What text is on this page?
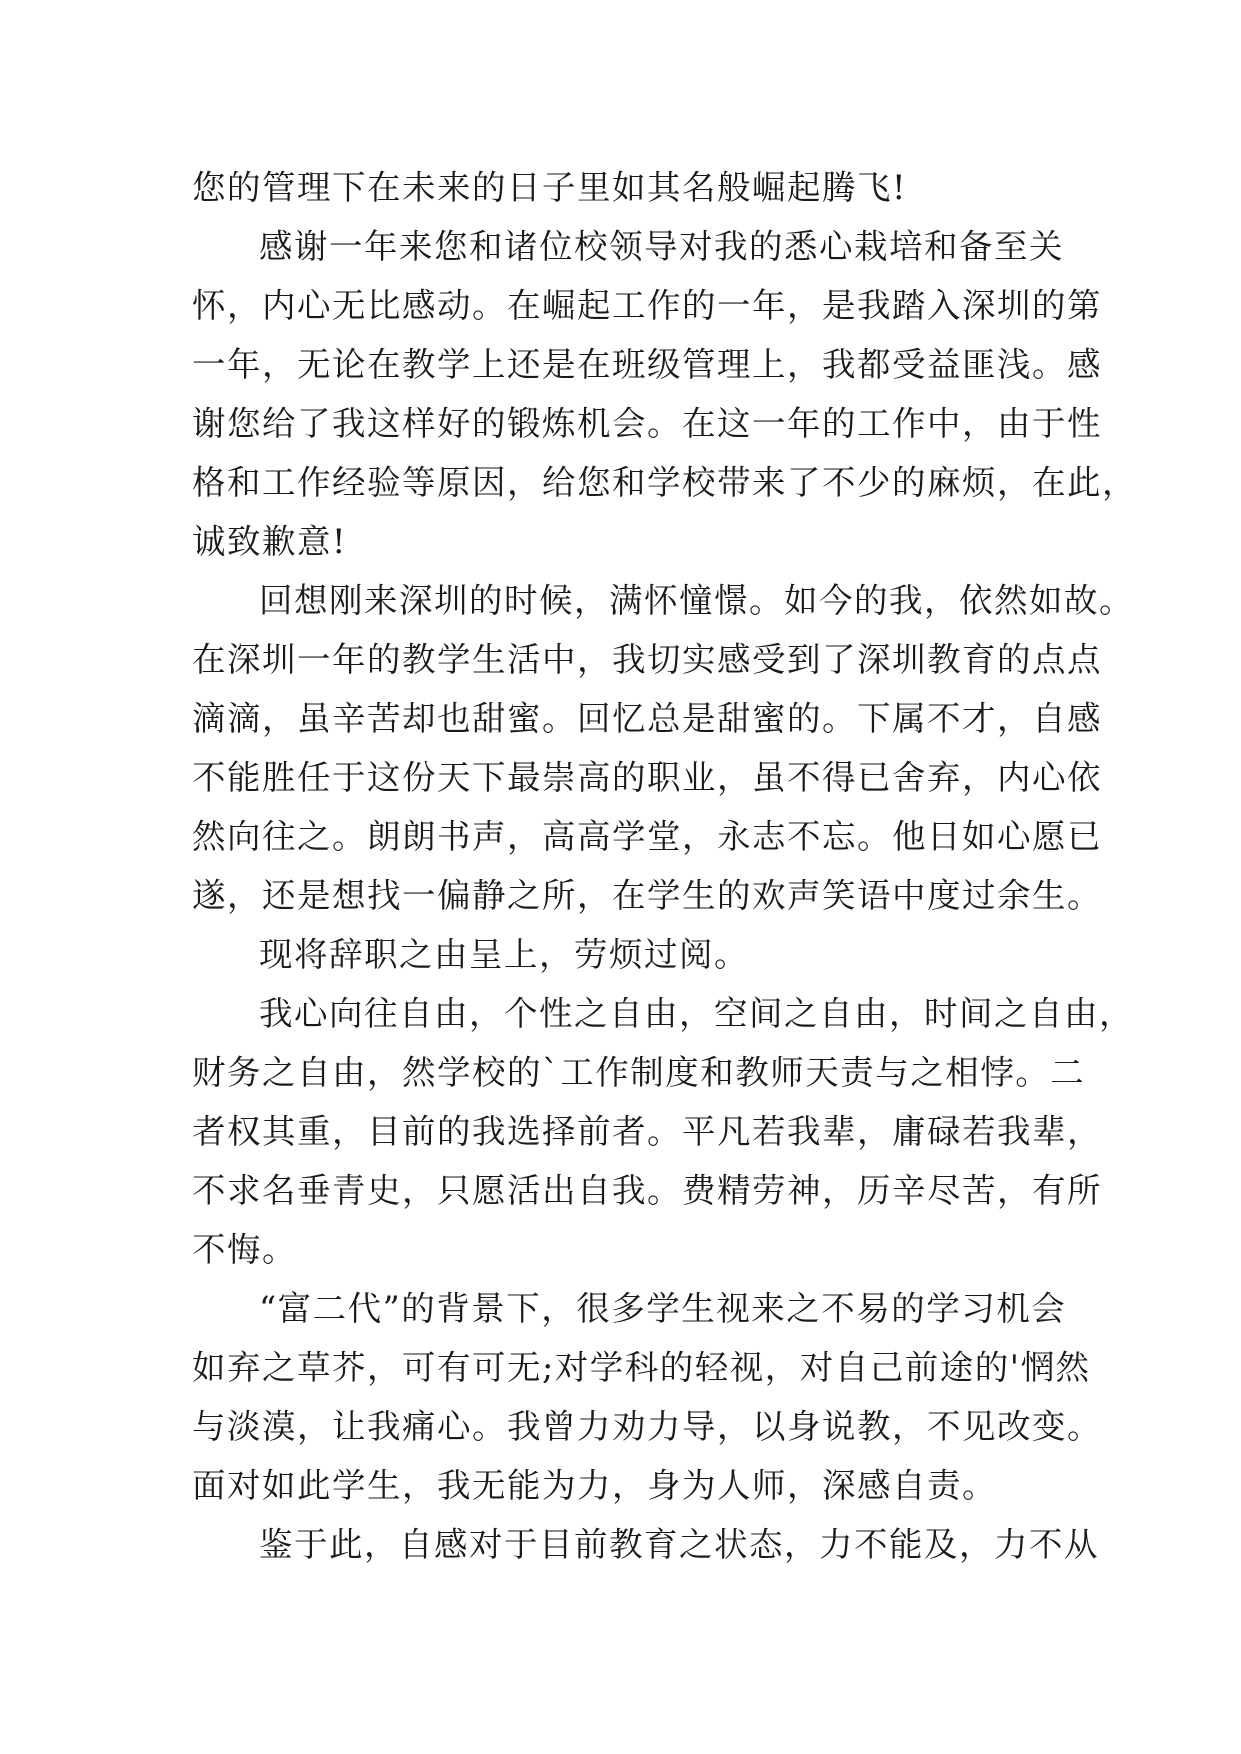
您的管理下在未来的日子里如其名般崛起腾飞!
感谢一年来您和诸位校领导对我的悉心栽培和备至关
怀，内心无比感动。在崛起工作的一年，是我踏入深圳的第
一年，无论在教学上还是在班级管理上，我都受益匪浅。感
谢您给了我这样好的锻炼机会。在这一年的工作中，由于性
格和工作经验等原因，给您和学校带来了不少的麻烦，在此，
诚致歉意!
回想刚来深圳的时候，满怀憧憬。如今的我，依然如故。
在深圳一年的教学生活中，我切实感受到了深圳教育的点点
滴滴，虽辛苦却也甜蜜。回忆总是甜蜜的。下属不才，自感
不能胜任于这份天下最崇高的职业，虽不得已舍弃，内心依
然向往之。朗朗书声，高高学堂，永志不忘。他日如心愿已
遂，还是想找一偏静之所，在学生的欢声笑语中度过余生。
现将辞职之由呈上，劳烦过阅。
我心向往自由，个性之自由，空间之自由，时间之自由，
财务之自由，然学校的`工作制度和教师天责与之相悖。二
者权其重，目前的我选择前者。平凡若我辈，庸碌若我辈，
不求名垂青史，只愿活出自我。费精劳神，历辛尽苦，有所
不悔。
“富二代”的背景下，很多学生视来之不易的学习机会
如弃之草芥，可有可无;对学科的轻视，对自己前途的'惘然
与淡漠，让我痛心。我曾力劝力导，以身说教，不见改变。
面对如此学生，我无能为力，身为人师，深感自责。
鉴于此，自感对于目前教育之状态，力不能及，力不从
